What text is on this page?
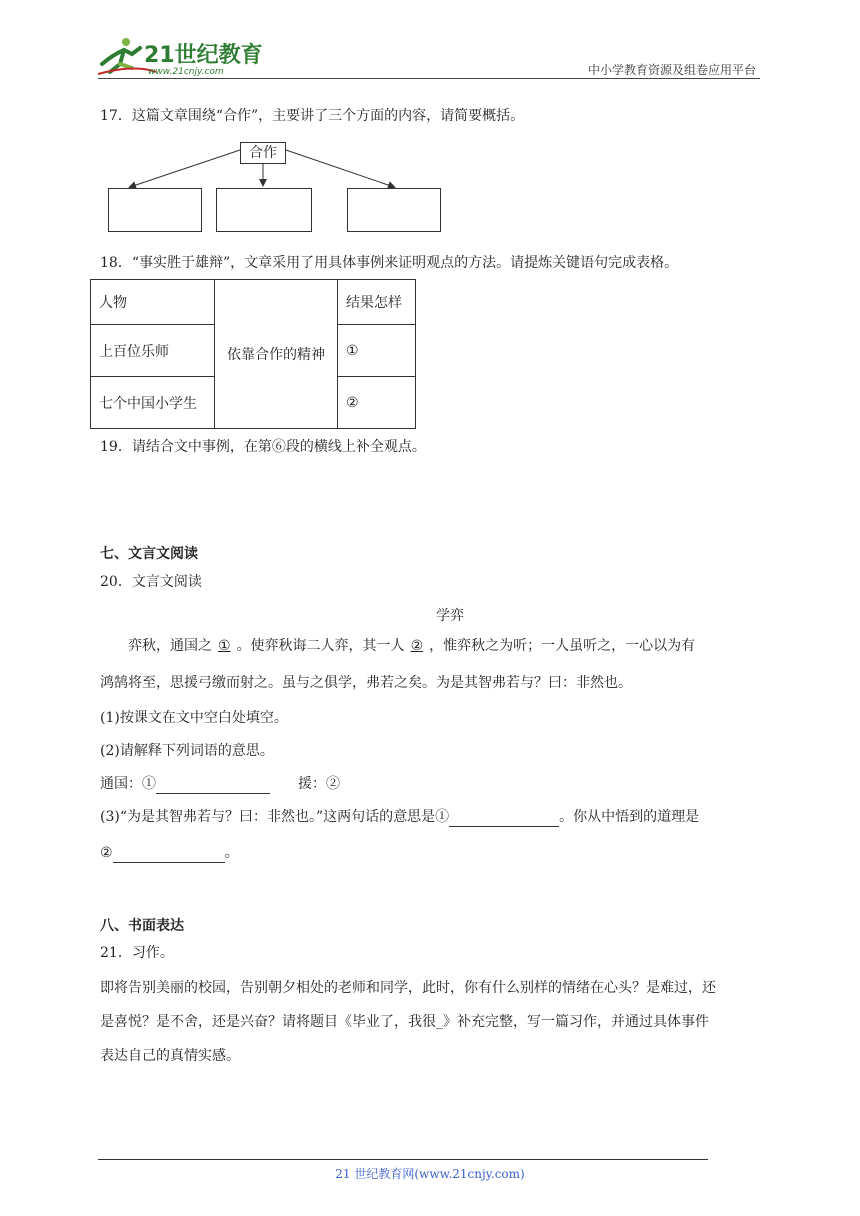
21世纪教育
www.21cnjy.com	中小学教育资源及组卷应用平台
17．这篇文章围绕“合作”，主要讲了三个方面的内容，请简要概括。
合作
18．“事实胜于雄辩”，文章采用了用具体事例来证明观点的方法。请提炼关键语句完成表格。
人物	依靠合作的精神	结果怎样
上百位乐师		①
七个中国小学生		②
19．请结合文中事例，在第⑥段的横线上补全观点。
七、文言文阅读
20．文言文阅读
学弈
弈秋，通国之 ① 。使弈秋诲二人弈，其一人 ② ，惟弈秋之为听；一人虽听之，一心以为有
鸿鹄将至，思援弓缴而射之。虽与之俱学，弗若之矣。为是其智弗若与？曰：非然也。
(1)按课文在文中空白处填空。
(2)请解释下列词语的意思。
通国：①	援：②
(3)“为是其智弗若与？曰：非然也。”这两句话的意思是①	。你从中悟到的道理是
②	。
八、书面表达
21．习作。
即将告别美丽的校园，告别朝夕相处的老师和同学，此时，你有什么别样的情绪在心头？是难过，还
是喜悦？是不舍，还是兴奋？请将题目《毕业了，我很_》补充完整，写一篇习作，并通过具体事件
表达自己的真情实感。
21 世纪教育网(www.21cnjy.com)
